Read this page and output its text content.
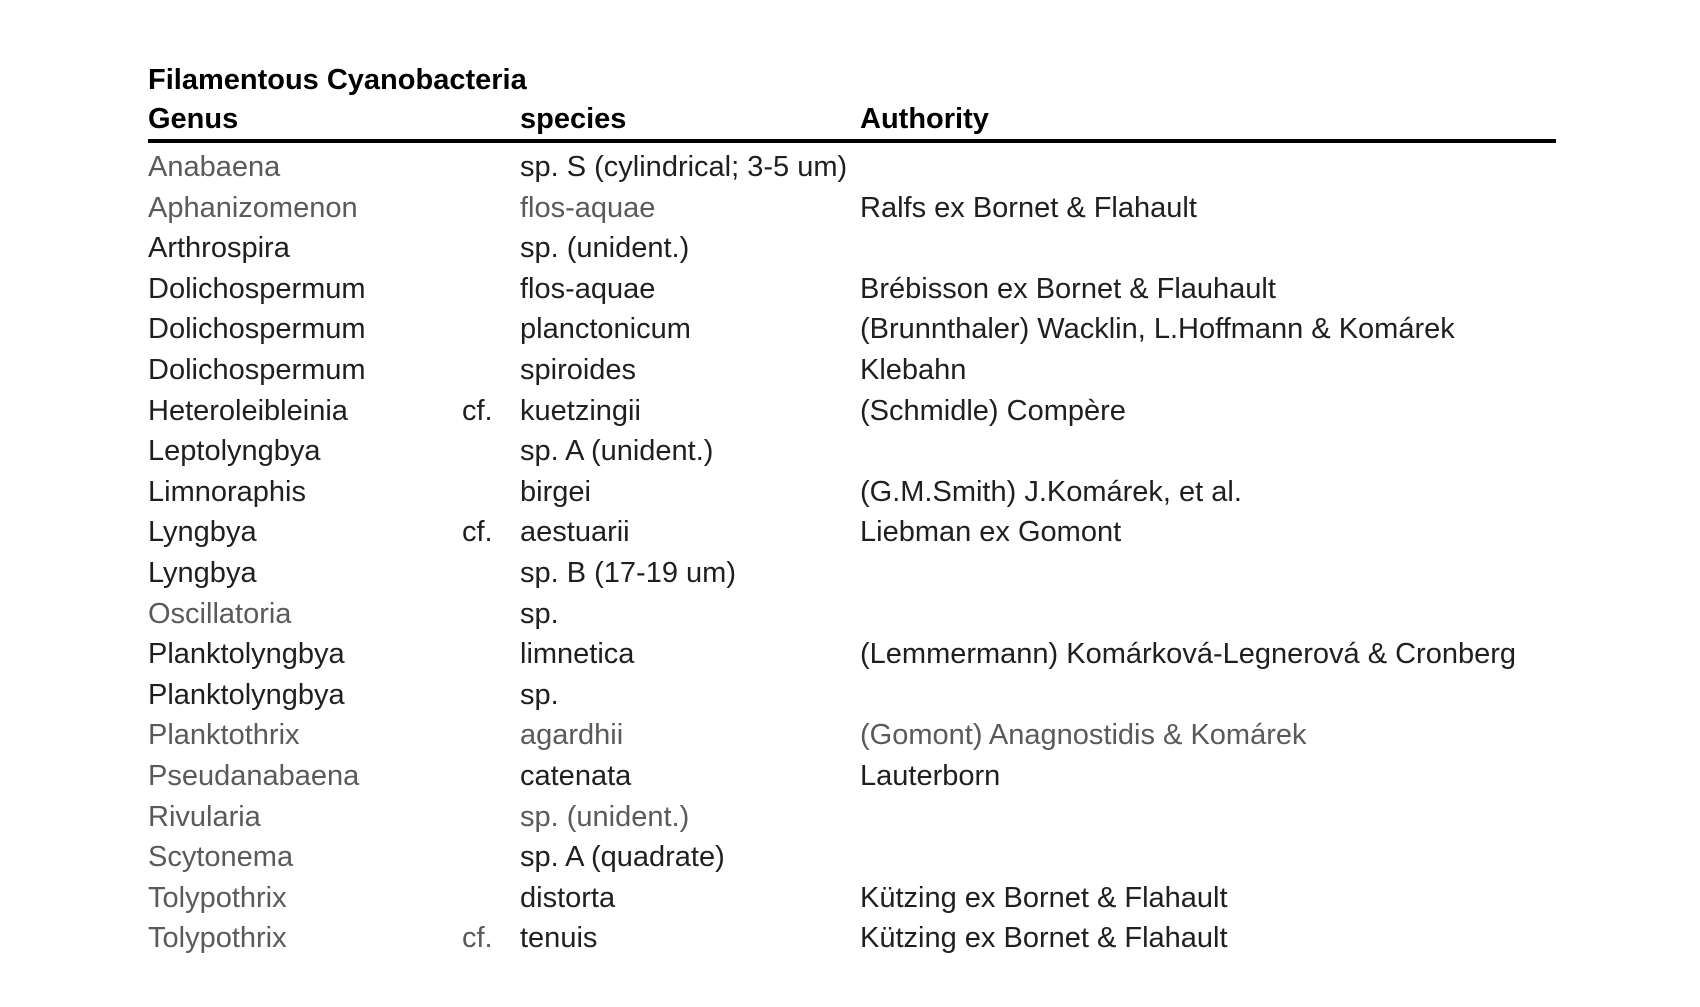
Filamentous Cyanobacteria
Genus	species	Authority
Anabaena	sp. S (cylindrical; 3-5 um)
Aphanizomenon	flos-aquae	Ralfs ex Bornet & Flahault
Arthrospira	sp. (unident.)
Dolichospermum	flos-aquae	Brébisson ex Bornet & Flauhault
Dolichospermum	planctonicum	(Brunnthaler) Wacklin, L.Hoffmann & Komárek
Dolichospermum	spiroides	Klebahn
Heteroleibleinia	cf. kuetzingii	(Schmidle) Compère
Leptolyngbya	sp. A (unident.)
Limnoraphis	birgei	(G.M.Smith) J.Komárek, et al.
Lyngbya	cf. aestuarii	Liebman ex Gomont
Lyngbya	sp. B (17-19 um)
Oscillatoria	sp.
Planktolyngbya	limnetica	(Lemmermann) Komárková-Legnerová & Cronberg
Planktolyngbya	sp.
Planktothrix	agardhii	(Gomont) Anagnostidis & Komárek
Pseudanabaena	catenata	Lauterborn
Rivularia	sp. (unident.)
Scytonema	sp. A (quadrate)
Tolypothrix	distorta	Kützing ex Bornet & Flahault
Tolypothrix	cf. tenuis	Kützing ex Bornet & Flahault
